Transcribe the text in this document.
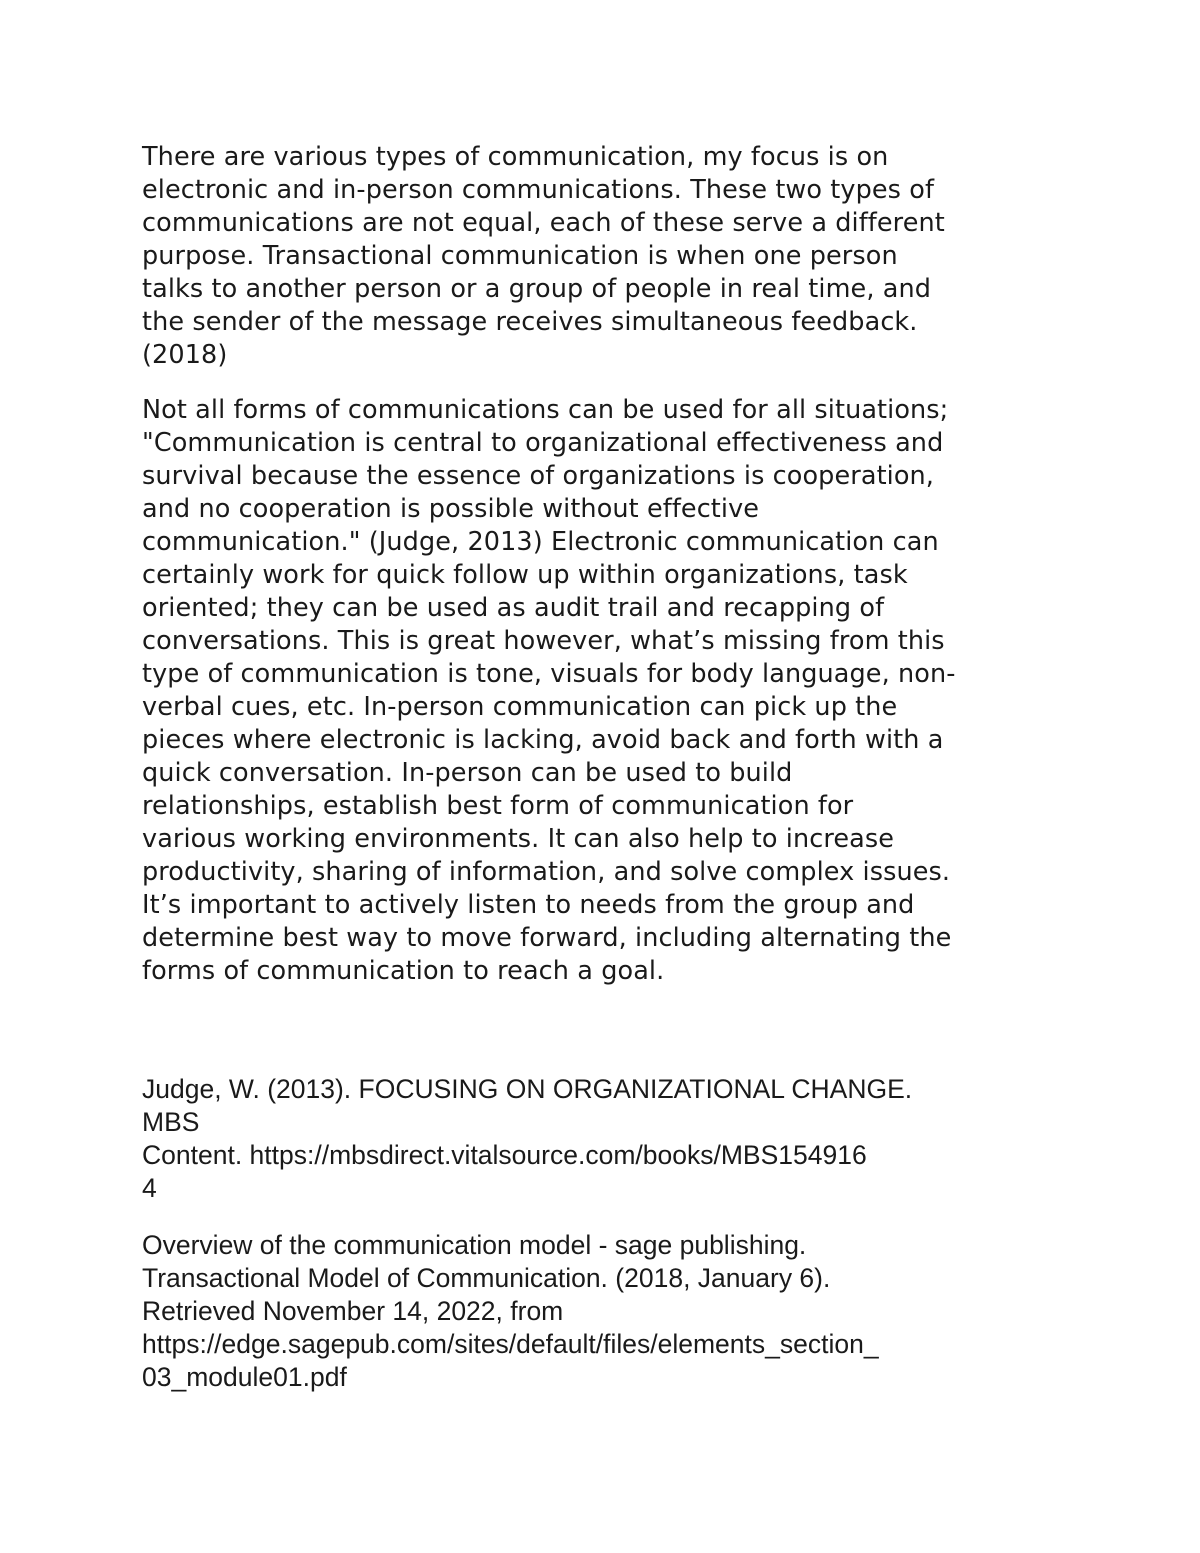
There are various types of communication, my focus is on
electronic and in-person communications. These two types of
communications are not equal, each of these serve a different
purpose. Transactional communication is when one person
talks to another person or a group of people in real time, and
the sender of the message receives simultaneous feedback.
(2018)
Not all forms of communications can be used for all situations;
"Communication is central to organizational effectiveness and
survival because the essence of organizations is cooperation,
and no cooperation is possible without effective
communication." (Judge, 2013) Electronic communication can
certainly work for quick follow up within organizations, task
oriented; they can be used as audit trail and recapping of
conversations. This is great however, what’s missing from this
type of communication is tone, visuals for body language, non-
verbal cues, etc. In-person communication can pick up the
pieces where electronic is lacking, avoid back and forth with a
quick conversation. In-person can be used to build
relationships, establish best form of communication for
various working environments. It can also help to increase
productivity, sharing of information, and solve complex issues.
It’s important to actively listen to needs from the group and
determine best way to move forward, including alternating the
forms of communication to reach a goal.
Judge, W. (2013). FOCUSING ON ORGANIZATIONAL CHANGE.
MBS
Content. https://mbsdirect.vitalsource.com/books/MBS154916
4
Overview of the communication model - sage publishing.
Transactional Model of Communication. (2018, January 6).
Retrieved November 14, 2022, from
https://edge.sagepub.com/sites/default/files/elements_section_
03_module01.pdf
